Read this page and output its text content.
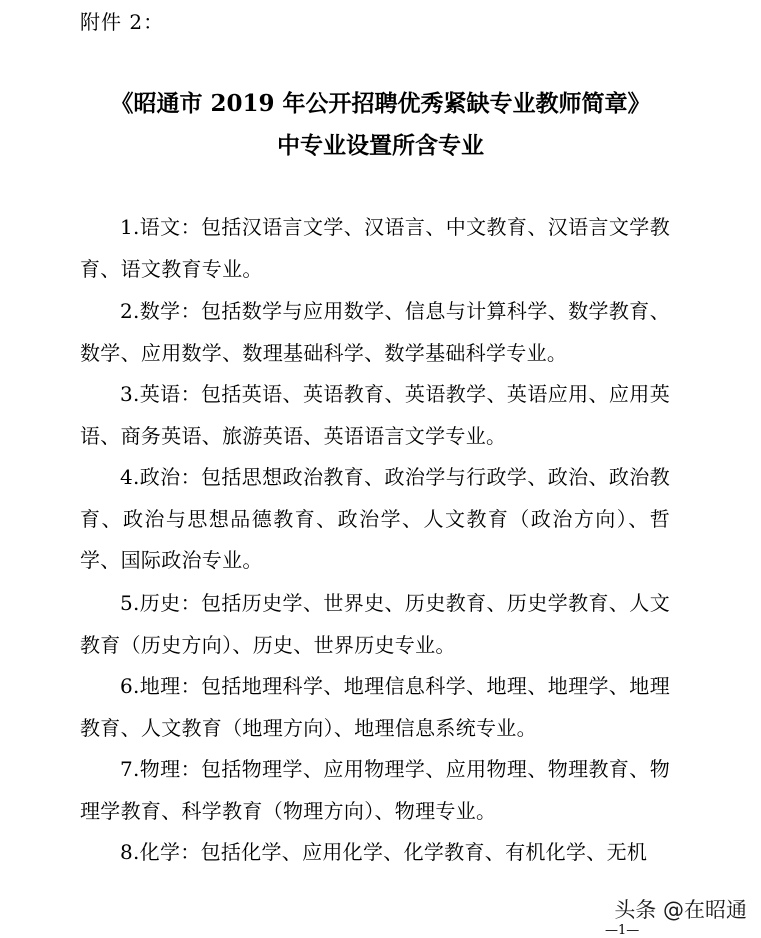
附件 2：
《昭通市 2019 年公开招聘优秀紧缺专业教师简章》
中专业设置所含专业
1.语文：包括汉语言文学、汉语言、中文教育、汉语言文学教育、语文教育专业。
2.数学：包括数学与应用数学、信息与计算科学、数学教育、数学、应用数学、数理基础科学、数学基础科学专业。
3.英语：包括英语、英语教育、英语教学、英语应用、应用英语、商务英语、旅游英语、英语语言文学专业。
4.政治：包括思想政治教育、政治学与行政学、政治、政治教育、政治与思想品德教育、政治学、人文教育（政治方向）、哲学、国际政治专业。
5.历史：包括历史学、世界史、历史教育、历史学教育、人文教育（历史方向）、历史、世界历史专业。
6.地理：包括地理科学、地理信息科学、地理、地理学、地理教育、人文教育（地理方向）、地理信息系统专业。
7.物理：包括物理学、应用物理学、应用物理、物理教育、物理学教育、科学教育（物理方向）、物理专业。
8.化学：包括化学、应用化学、化学教育、有机化学、无机
头条 @在昭通
—1—
